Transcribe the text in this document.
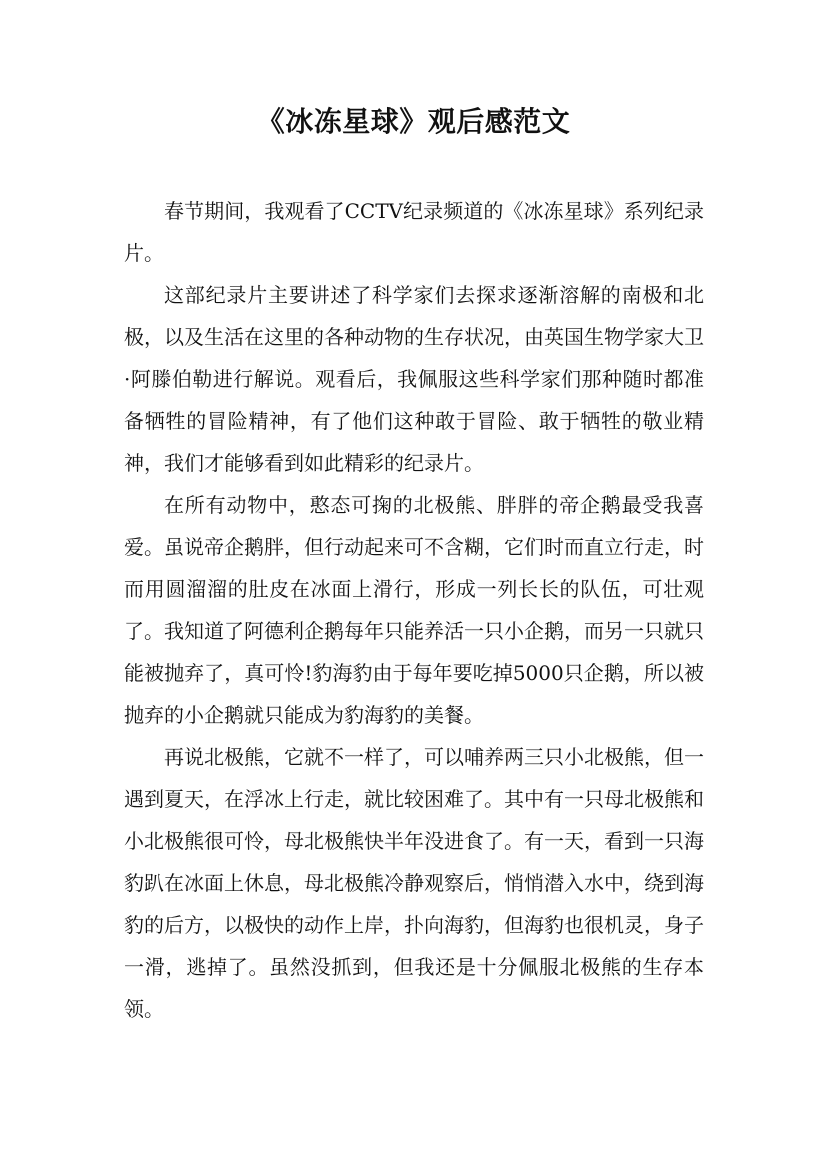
《冰冻星球》观后感范文

春节期间，我观看了CCTV纪录频道的《冰冻星球》系列纪录片。

这部纪录片主要讲述了科学家们去探求逐渐溶解的南极和北极，以及生活在这里的各种动物的生存状况，由英国生物学家大卫·阿滕伯勒进行解说。观看后，我佩服这些科学家们那种随时都准备牺牲的冒险精神，有了他们这种敢于冒险、敢于牺牲的敬业精神，我们才能够看到如此精彩的纪录片。

在所有动物中，憨态可掬的北极熊、胖胖的帝企鹅最受我喜爱。虽说帝企鹅胖，但行动起来可不含糊，它们时而直立行走，时而用圆溜溜的肚皮在冰面上滑行，形成一列长长的队伍，可壮观了。我知道了阿德利企鹅每年只能养活一只小企鹅，而另一只就只能被抛弃了，真可怜!豹海豹由于每年要吃掉5000只企鹅，所以被抛弃的小企鹅就只能成为豹海豹的美餐。

再说北极熊，它就不一样了，可以哺养两三只小北极熊，但一遇到夏天，在浮冰上行走，就比较困难了。其中有一只母北极熊和小北极熊很可怜，母北极熊快半年没进食了。有一天，看到一只海豹趴在冰面上休息，母北极熊冷静观察后，悄悄潜入水中，绕到海豹的后方，以极快的动作上岸，扑向海豹，但海豹也很机灵，身子一滑，逃掉了。虽然没抓到，但我还是十分佩服北极熊的生存本领。
